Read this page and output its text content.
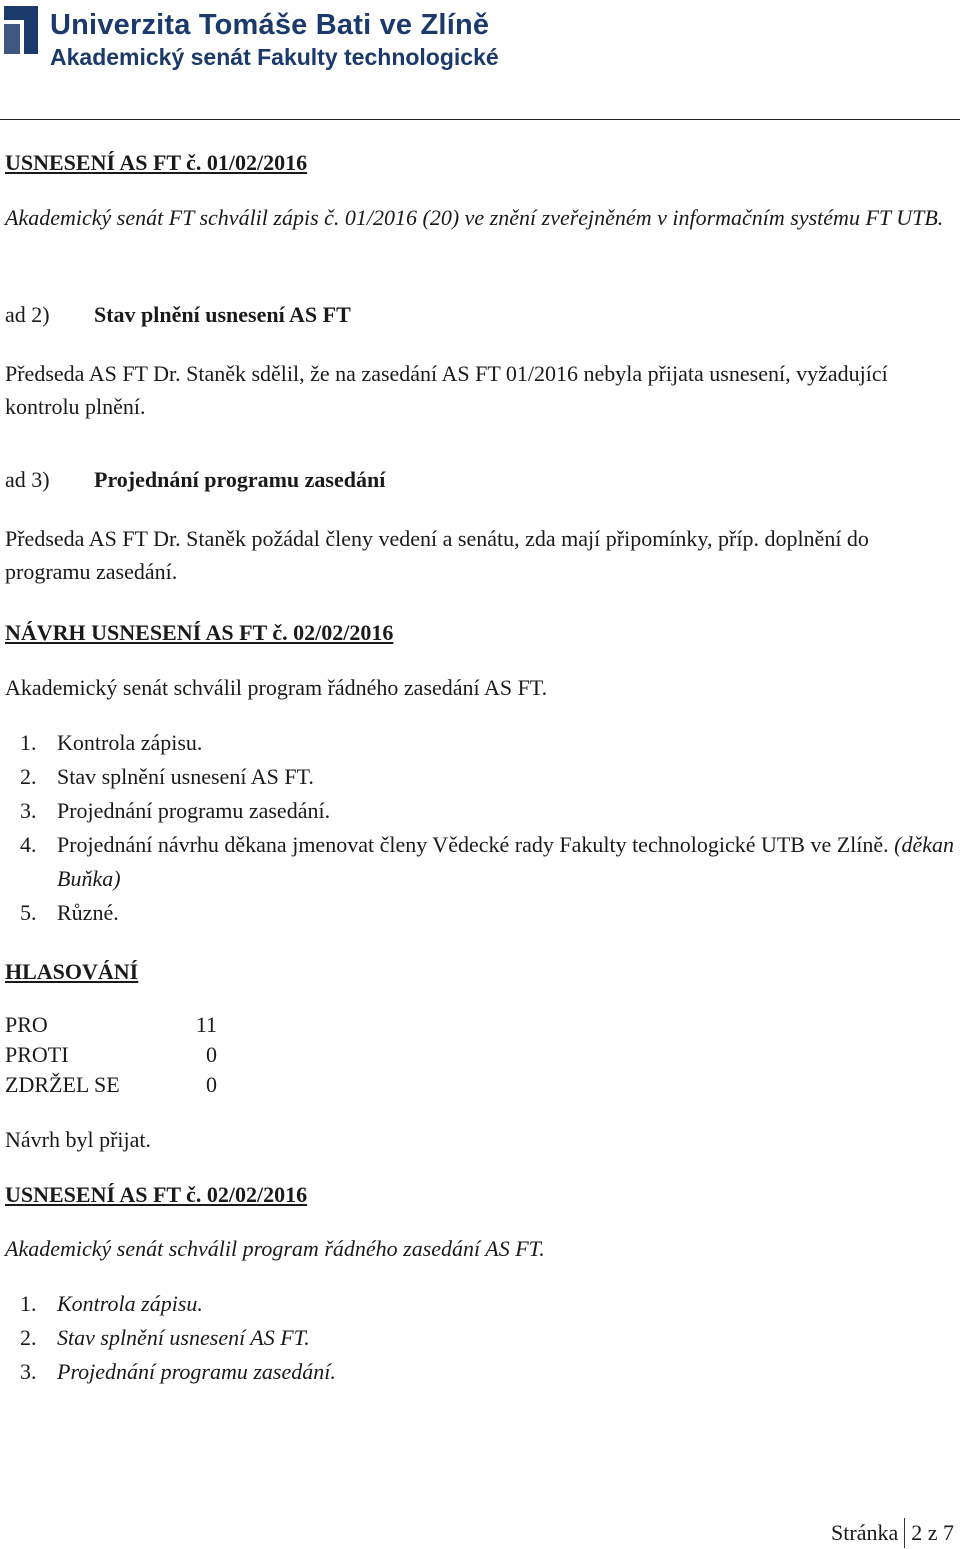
Univerzita Tomáše Bati ve Zlíně
Akademický senát Fakulty technologické
USNESENÍ AS FT č. 01/02/2016
Akademický senát FT schválil zápis č. 01/2016 (20) ve znění zveřejněném v informačním systému FT UTB.
ad 2) Stav plnění usnesení AS FT
Předseda AS FT Dr. Staněk sdělil, že na zasedání AS FT 01/2016 nebyla přijata usnesení, vyžadující kontrolu plnění.
ad 3) Projednání programu zasedání
Předseda AS FT Dr. Staněk požádal členy vedení a senátu, zda mají připomínky, příp. doplnění do programu zasedání.
NÁVRH USNESENÍ AS FT č. 02/02/2016
Akademický senát schválil program řádného zasedání AS FT.
1. Kontrola zápisu.
2. Stav splnění usnesení AS FT.
3. Projednání programu zasedání.
4. Projednání návrhu děkana jmenovat členy Vědecké rady Fakulty technologické UTB ve Zlíně. (děkan Buňka)
5. Různé.
HLASOVÁNÍ
PRO	11
PROTI	0
ZDRŽEL SE	0
Návrh byl přijat.
USNESENÍ AS FT č. 02/02/2016
Akademický senát schválil program řádného zasedání AS FT.
1. Kontrola zápisu.
2. Stav splnění usnesení AS FT.
3. Projednání programu zasedání.
Stránka 2
z
7
